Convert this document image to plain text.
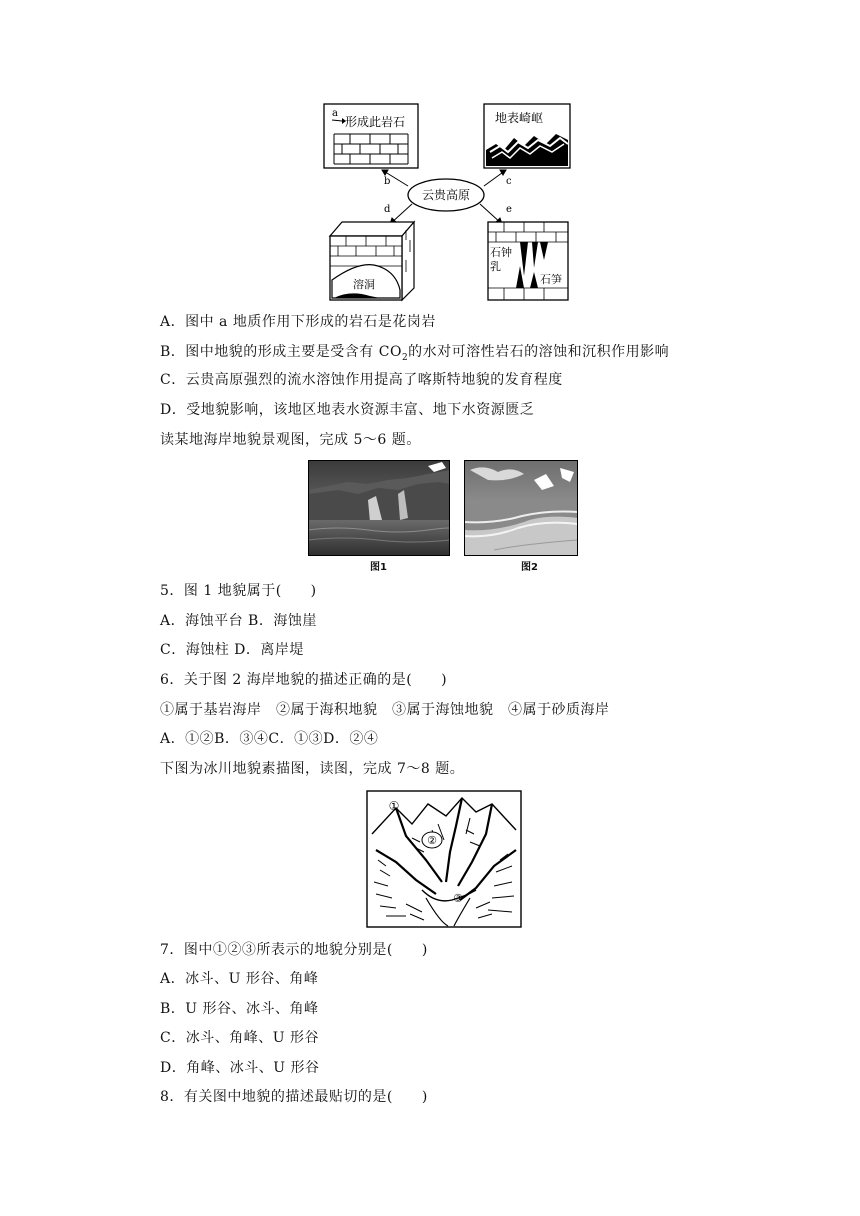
a
形成此岩石	地表崎岖
云贵高原
b	c
d	e
溶洞
石钟
乳
石笋
A．图中 a 地质作用下形成的岩石是花岗岩
B．图中地貌的形成主要是受含有 $CO_2$的水对可溶性岩石的溶蚀和沉积作用影响
C．云贵高原强烈的流水溶蚀作用提高了喀斯特地貌的发育程度
D．受地貌影响，该地区地表水资源丰富、地下水资源匮乏
读某地海岸地貌景观图，完成 5～6 题。
图1	图2
5．图 1 地貌属于(　　)
A．海蚀平台 B．海蚀崖
C．海蚀柱 D．离岸堤
6．关于图 2 海岸地貌的描述正确的是(　　)
①属于基岩海岸　②属于海积地貌　③属于海蚀地貌　④属于砂质海岸
A．①②B．③④C．①③D．②④
下图为冰川地貌素描图，读图，完成 7～8 题。
①
②
③
7．图中①②③所表示的地貌分别是(　　)
A．冰斗、U 形谷、角峰
B．U 形谷、冰斗、角峰
C．冰斗、角峰、U 形谷
D．角峰、冰斗、U 形谷
8．有关图中地貌的描述最贴切的是(　　)
